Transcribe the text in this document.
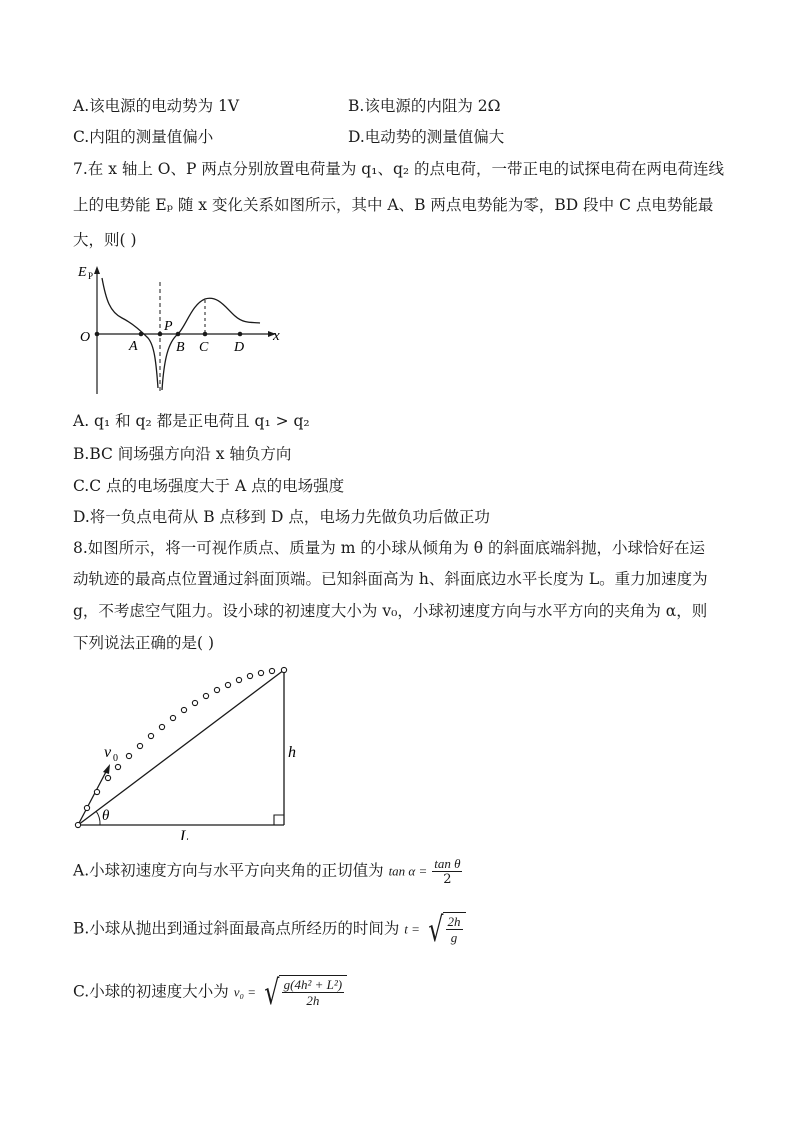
A.该电源的电动势为 1V	B.该电源的内阻为 2Ω
C.内阻的测量值偏小	D.电动势的测量值偏大
7.在 x 轴上 O、P 两点分别放置电荷量为 q₁、q₂ 的点电荷，一带正电的试探电荷在两电荷连线
上的电势能 Eₚ 随 x 变化关系如图所示，其中 A、B 两点电势能为零，BD 段中 C 点电势能最
大，则( )
E P
x
O
A
P
B C D
A. q₁ 和 q₂ 都是正电荷且 q₁ > q₂
B.BC 间场强方向沿 x 轴负方向
C.C 点的电场强度大于 A 点的电场强度
D.将一负点电荷从 B 点移到 D 点，电场力先做负功后做正功
8.如图所示，将一可视作质点、质量为 m 的小球从倾角为 θ 的斜面底端斜抛，小球恰好在运
动轨迹的最高点位置通过斜面顶端。已知斜面高为 h、斜面底边水平长度为 L。重力加速度为
g，不考虑空气阻力。设小球的初速度大小为 v₀，小球初速度方向与水平方向的夹角为 α，则
下列说法正确的是( )
v 0	h
θ
L
A.小球初速度方向与水平方向夹角的正切值为 $\tan \alpha = \frac{\text{tan θ}}{2}$
B.小球从抛出到通过斜面最高点所经历的时间为 t = √ $\frac{2h}{g}$
C.小球的初速度大小为 v₀ = √ $\frac{\text{g(4h² + L²)}}{2h}$
